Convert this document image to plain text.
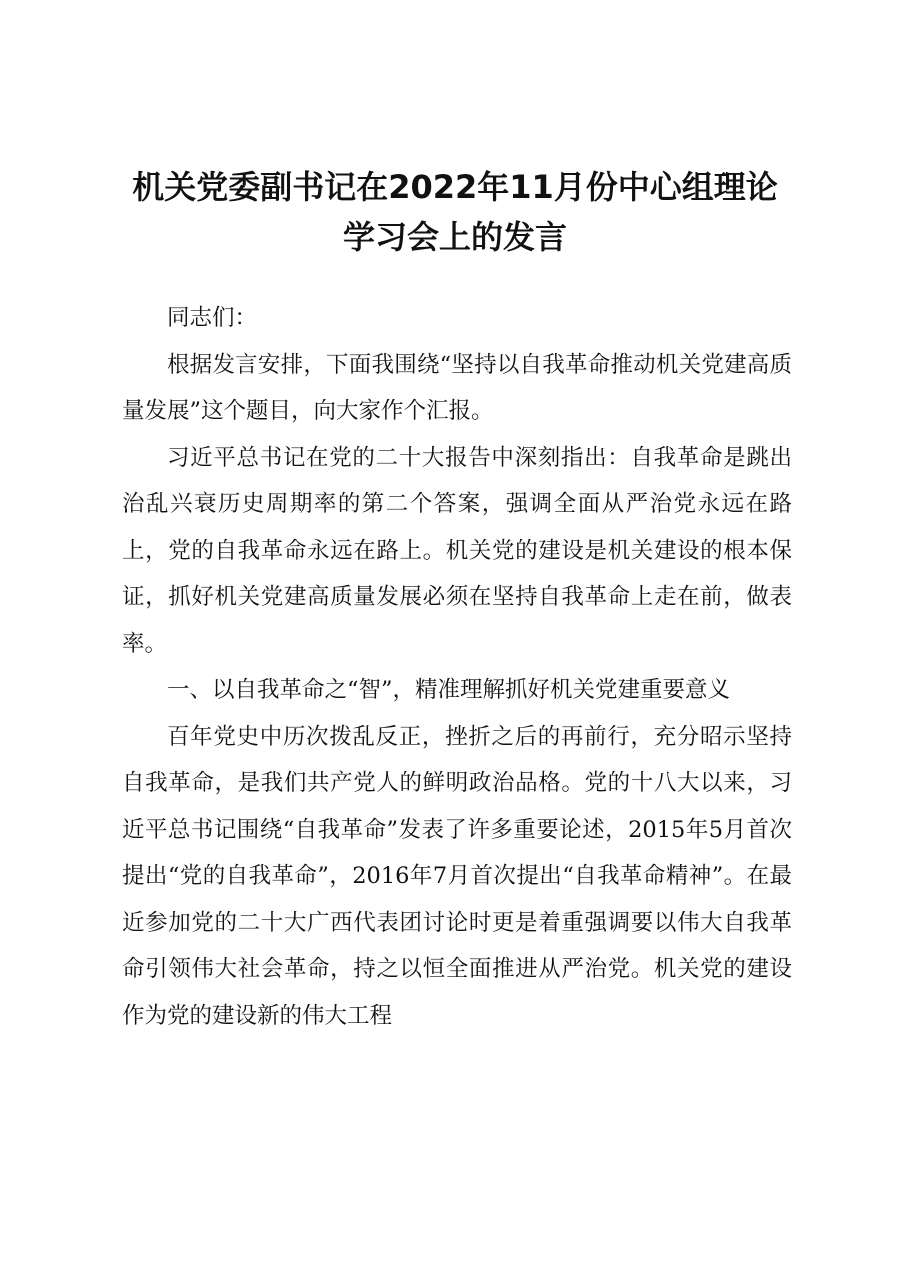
机关党委副书记在2022年11月份中心组理论
学习会上的发言

同志们：

根据发言安排，下面我围绕“坚持以自我革命推动机关党建高质量发展”这个题目，向大家作个汇报。

习近平总书记在党的二十大报告中深刻指出：自我革命是跳出治乱兴衰历史周期率的第二个答案，强调全面从严治党永远在路上，党的自我革命永远在路上。机关党的建设是机关建设的根本保证，抓好机关党建高质量发展必须在坚持自我革命上走在前，做表率。

一、以自我革命之“智”，精准理解抓好机关党建重要意义

百年党史中历次拨乱反正，挫折之后的再前行，充分昭示坚持自我革命，是我们共产党人的鲜明政治品格。党的十八大以来，习近平总书记围绕“自我革命”发表了许多重要论述，2015年5月首次提出“党的自我革命”，2016年7月首次提出“自我革命精神”。在最近参加党的二十大广西代表团讨论时更是着重强调要以伟大自我革命引领伟大社会革命，持之以恒全面推进从严治党。机关党的建设作为党的建设新的伟大工程
